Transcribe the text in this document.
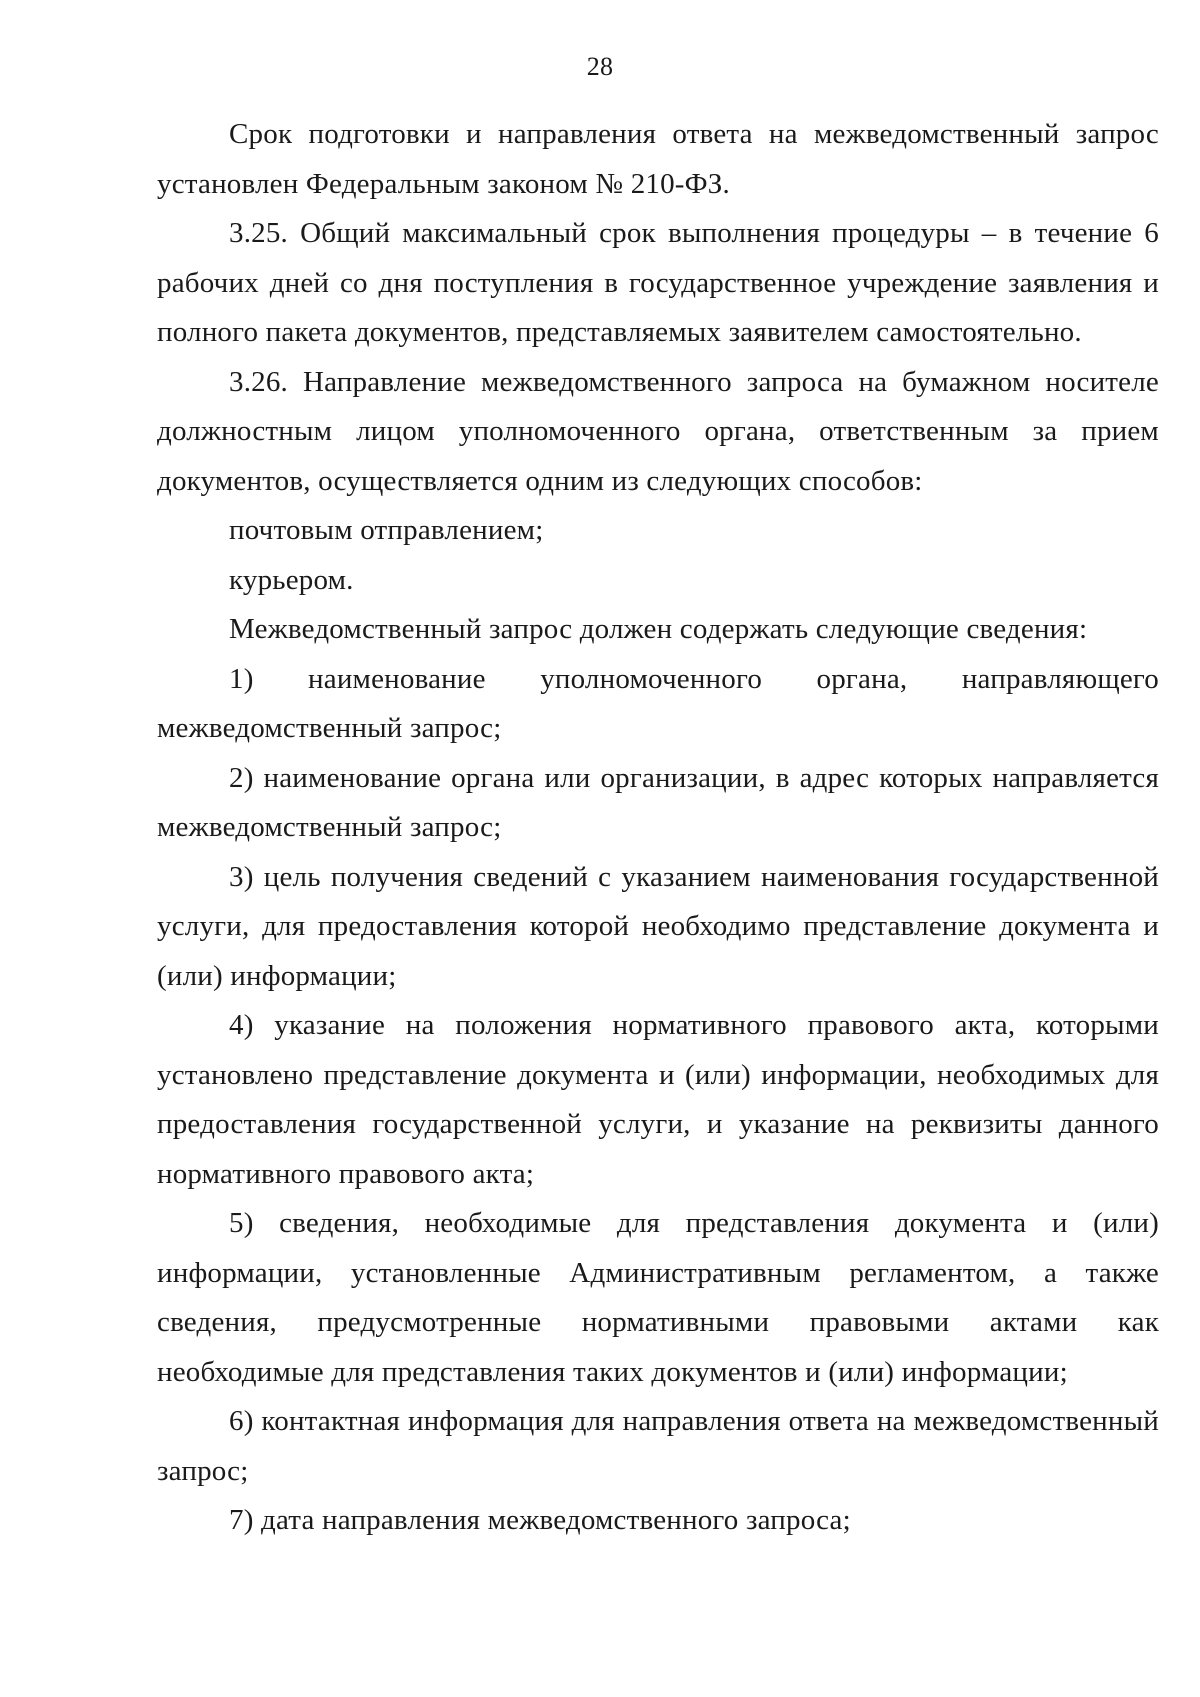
28

Срок подготовки и направления ответа на межведомственный запрос установлен Федеральным законом № 210-ФЗ.

3.25. Общий максимальный срок выполнения процедуры – в течение 6 рабочих дней со дня поступления в государственное учреждение заявления и полного пакета документов, представляемых заявителем самостоятельно.

3.26. Направление межведомственного запроса на бумажном носителе должностным лицом уполномоченного органа, ответственным за прием документов, осуществляется одним из следующих способов:

почтовым отправлением;

курьером.

Межведомственный запрос должен содержать следующие сведения:

1) наименование уполномоченного органа, направляющего межведомственный запрос;

2) наименование органа или организации, в адрес которых направляется межведомственный запрос;

3) цель получения сведений с указанием наименования государственной услуги, для предоставления которой необходимо представление документа и (или) информации;

4) указание на положения нормативного правового акта, которыми установлено представление документа и (или) информации, необходимых для предоставления государственной услуги, и указание на реквизиты данного нормативного правового акта;

5) сведения, необходимые для представления документа и (или) информации, установленные Административным регламентом, а также сведения, предусмотренные нормативными правовыми актами как необходимые для представления таких документов и (или) информации;

6) контактная информация для направления ответа на межведомственный запрос;

7) дата направления межведомственного запроса;
